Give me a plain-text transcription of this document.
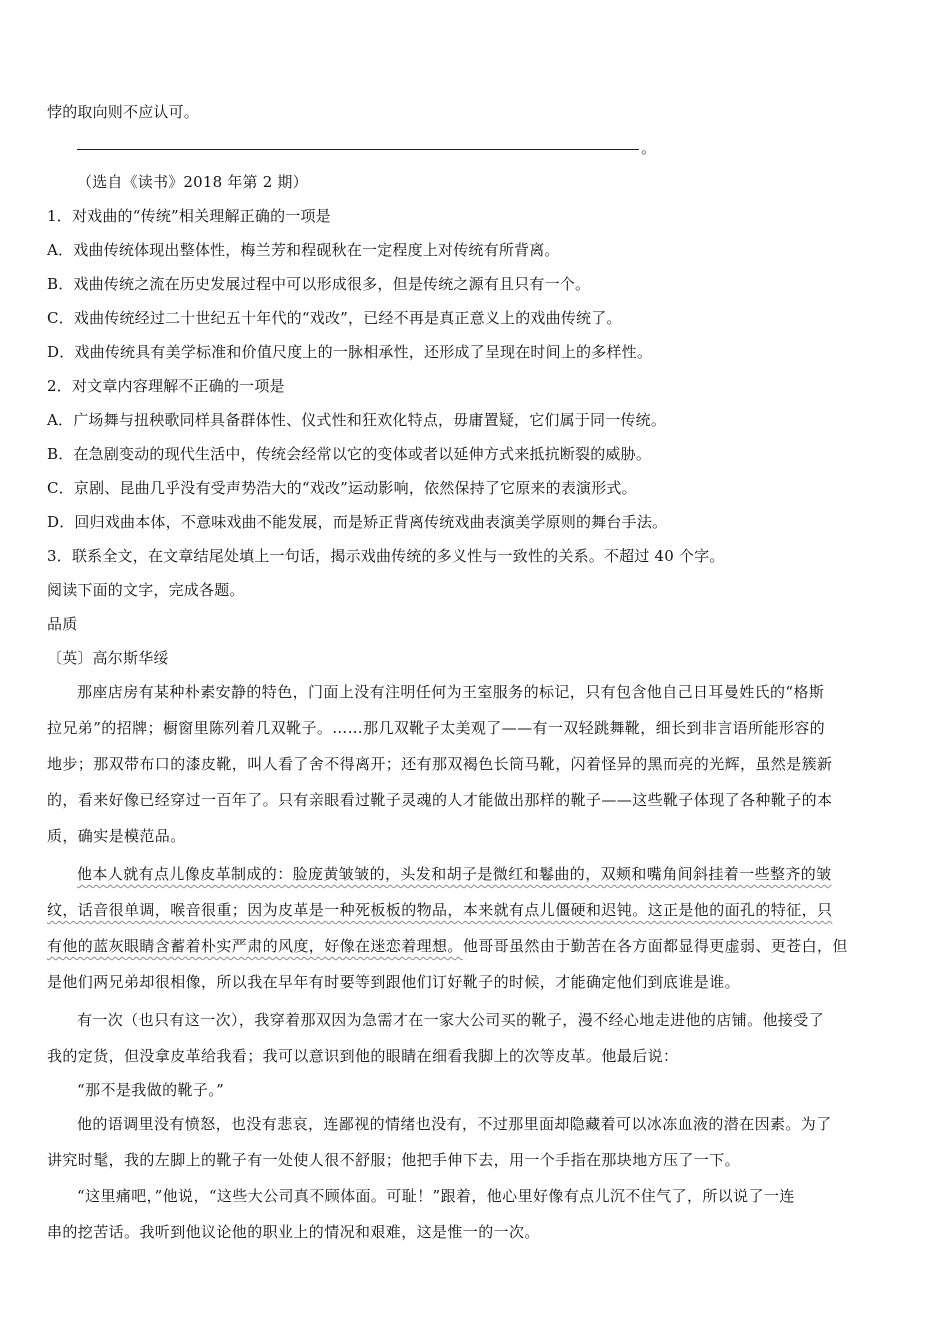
悖的取向则不应认可。
。
（选自《读书》2018 年第 2 期）
1．对戏曲的“传统”相关理解正确的一项是
A．戏曲传统体现出整体性，梅兰芳和程砚秋在一定程度上对传统有所背离。
B．戏曲传统之流在历史发展过程中可以形成很多，但是传统之源有且只有一个。
C．戏曲传统经过二十世纪五十年代的“戏改”，已经不再是真正意义上的戏曲传统了。
D．戏曲传统具有美学标准和价值尺度上的一脉相承性，还形成了呈现在时间上的多样性。
2．对文章内容理解不正确的一项是
A．广场舞与扭秧歌同样具备群体性、仪式性和狂欢化特点，毋庸置疑，它们属于同一传统。
B．在急剧变动的现代生活中，传统会经常以它的变体或者以延伸方式来抵抗断裂的威胁。
C．京剧、昆曲几乎没有受声势浩大的“戏改”运动影响，依然保持了它原来的表演形式。
D．回归戏曲本体，不意味戏曲不能发展，而是矫正背离传统戏曲表演美学原则的舞台手法。
3．联系全文，在文章结尾处填上一句话，揭示戏曲传统的多义性与一致性的关系。不超过 40 个字。
阅读下面的文字，完成各题。
品质
〔英〕高尔斯华绥
那座店房有某种朴素安静的特色，门面上没有注明任何为王室服务的标记，只有包含他自己日耳曼姓氏的“格斯
拉兄弟”的招牌；橱窗里陈列着几双靴子。……那几双靴子太美观了——有一双轻跳舞靴，细长到非言语所能形容的
地步；那双带布口的漆皮靴，叫人看了舍不得离开；还有那双褐色长筒马靴，闪着怪异的黑而亮的光辉，虽然是簇新
的，看来好像已经穿过一百年了。只有亲眼看过靴子灵魂的人才能做出那样的靴子——这些靴子体现了各种靴子的本
质，确实是模范品。
他本人就有点儿像皮革制成的：脸庞黄皱皱的，头发和胡子是微红和鬈曲的，双颊和嘴角间斜挂着一些整齐的皱
纹，话音很单调，喉音很重；因为皮革是一种死板板的物品，本来就有点儿僵硬和迟钝。这正是他的面孔的特征，只
有他的蓝灰眼睛含蓄着朴实严肃的风度，好像在迷恋着理想。他哥哥虽然由于勤苦在各方面都显得更虚弱、更苍白，但
是他们两兄弟却很相像，所以我在早年有时要等到跟他们订好靴子的时候，才能确定他们到底谁是谁。
有一次（也只有这一次），我穿着那双因为急需才在一家大公司买的靴子，漫不经心地走进他的店铺。他接受了
我的定货，但没拿皮革给我看；我可以意识到他的眼睛在细看我脚上的次等皮革。他最后说：
“那不是我做的靴子。”
他的语调里没有愤怒，也没有悲哀，连鄙视的情绪也没有，不过那里面却隐藏着可以冰冻血液的潜在因素。为了
讲究时髦，我的左脚上的靴子有一处使人很不舒服；他把手伸下去，用一个手指在那块地方压了一下。
“这里痛吧，”他说，“这些大公司真不顾体面。可耻！”跟着，他心里好像有点儿沉不住气了，所以说了一连
串的挖苦话。我听到他议论他的职业上的情况和艰难，这是惟一的一次。
